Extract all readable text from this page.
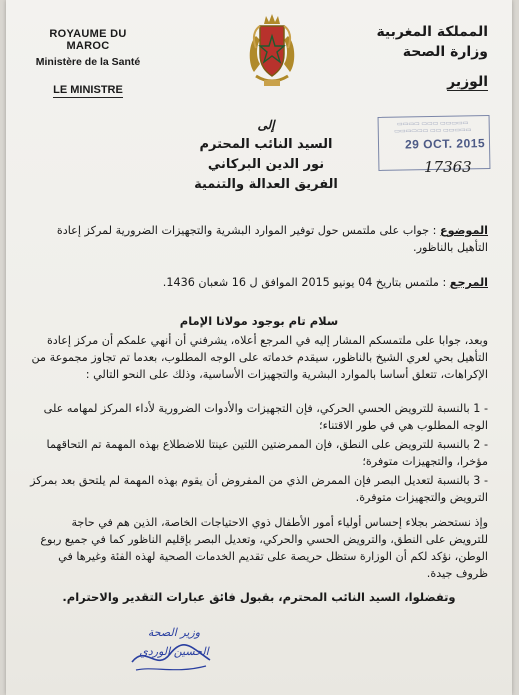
ROYAUME DU MAROC
Ministère de la Santé
LE MINISTRE
المملكة المغربية
وزارة الصحة
الوزير
▭▭▭▭ ▭▭▭ ▭▭▭▭▭
▭▭▭▭▭▭ ▭▭ ▭▭▭▭▭
29 OCT. 2015
17363
إلى
السيد النائب المحترم
نور الدين البركاني
الفريق العدالة والتنمية
الموضوع : جواب على ملتمس حول توفير الموارد البشرية والتجهيزات الضرورية لمركز إعادة التأهيل بالناظور.
المرجع : ملتمس بتاريخ 04 يونيو 2015 الموافق ل 16 شعبان 1436.
سلام تام بوجود مولانا الإمام
وبعد، جوابا على ملتمسكم المشار إليه في المرجع أعلاه، يشرفني أن أنهي علمكم أن مركز إعادة التأهيل بحي لعري الشيخ بالناظور، سيقدم خدماته على الوجه المطلوب، بعدما تم تجاوز مجموعة من الإكراهات، تتعلق أساسا بالموارد البشرية والتجهيزات الأساسية، وذلك على النحو التالي :
- 1 بالنسبة للترويض الحسي الحركي، فإن التجهيزات والأدوات الضرورية لأداء المركز لمهامه على الوجه المطلوب هي في طور الاقتناء؛
- 2 بالنسبة للترويض على النطق، فإن الممرضتين اللتين عينتا للاضطلاع بهذه المهمة تم التحاقهما مؤخرا، والتجهيزات متوفرة؛
- 3 بالنسبة لتعديل البصر فإن الممرض الذي من المفروض أن يقوم بهذه المهمة لم يلتحق بعد بمركز الترويض والتجهيزات متوفرة.
وإذ نستحضر بجلاء إحساس أولياء أمور الأطفال ذوي الاحتياجات الخاصة، الذين هم في حاجة للترويض على النطق، والترويض الحسي والحركي، وتعديل البصر بإقليم الناظور كما في جميع ربوع الوطن، نؤكد لكم أن الوزارة ستظل حريصة على تقديم الخدمات الصحية لهذه الفئة وغيرها في ظروف جيدة.
وتفضلوا، السيد النائب المحترم، بقبول فائق عبارات التقدير والاحترام.
وزير الصحة
الحسين الوردي
